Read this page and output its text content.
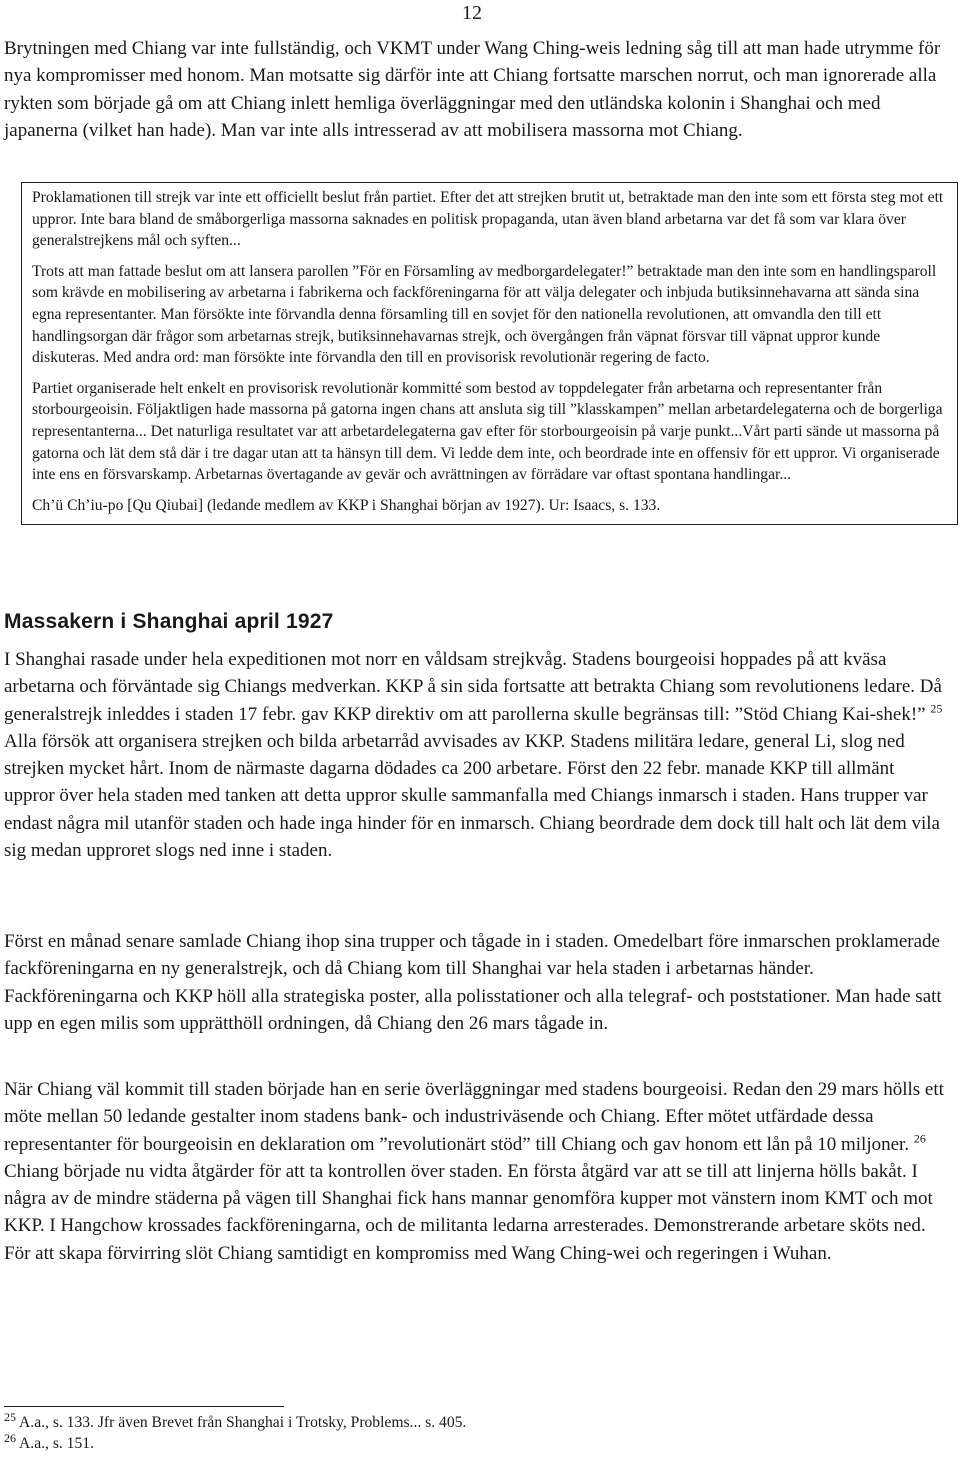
12

Brytningen med Chiang var inte fullständig, och VKMT under Wang Ching-weis ledning såg till att man hade utrymme för nya kompromisser med honom. Man motsatte sig därför inte att Chiang fortsatte marschen norrut, och man ignorerade alla rykten som började gå om att Chiang inlett hemliga överläggningar med den utländska kolonin i Shanghai och med japanerna (vilket han hade). Man var inte alls intresserad av att mobilisera massorna mot Chiang.

Proklamationen till strejk var inte ett officiellt beslut från partiet. Efter det att strejken brutit ut, betraktade man den inte som ett första steg mot ett uppror. Inte bara bland de småborgerliga massorna saknades en politisk propaganda, utan även bland arbetarna var det få som var klara över generalstrejkens mål och syften...

Trots att man fattade beslut om att lansera parollen ”För en Församling av medborgardelegater!” betraktade man den inte som en handlingsparoll som krävde en mobilisering av arbetarna i fabrikerna och fackföreningarna för att välja delegater och inbjuda butiksinnehavarna att sända sina egna representanter. Man försökte inte förvandla denna församling till en sovjet för den nationella revolutionen, att omvandla den till ett handlingsorgan där frågor som arbetarnas strejk, butiksinnehavarnas strejk, och övergången från väpnat försvar till väpnat uppror kunde diskuteras. Med andra ord: man försökte inte förvandla den till en provisorisk revolutionär regering de facto.

Partiet organiserade helt enkelt en provisorisk revolutionär kommitté som bestod av toppdelegater från arbetarna och representanter från storbourgeoisin. Följaktligen hade massorna på gatorna ingen chans att ansluta sig till ”klasskampen” mellan arbetardelegaterna och de borgerliga representanterna... Det naturliga resultatet var att arbetardelegaterna gav efter för storbourgeoisin på varje punkt...Vårt parti sände ut massorna på gatorna och lät dem stå där i tre dagar utan att ta hänsyn till dem. Vi ledde dem inte, och beordrade inte en offensiv för ett uppror. Vi organiserade inte ens en försvarskamp. Arbetarnas övertagande av gevär och avrättningen av förrädare var oftast spontana handlingar...

Ch’ü Ch’iu-po [Qu Qiubai] (ledande medlem av KKP i Shanghai början av 1927). Ur: Isaacs, s. 133.

Massakern i Shanghai april 1927

I Shanghai rasade under hela expeditionen mot norr en våldsam strejkvåg. Stadens bourgeoisi hoppades på att kväsa arbetarna och förväntade sig Chiangs medverkan. KKP å sin sida fortsatte att betrakta Chiang som revolutionens ledare. Då generalstrejk inleddes i staden 17 febr. gav KKP direktiv om att parollerna skulle begränsas till: ”Stöd Chiang Kai-shek!” $^{25}$ Alla försök att organisera strejken och bilda arbetarråd avvisades av KKP. Stadens militära ledare, general Li, slog ned strejken mycket hårt. Inom de närmaste dagarna dödades ca 200 arbetare. Först den 22 febr. manade KKP till allmänt uppror över hela staden med tanken att detta uppror skulle sammanfalla med Chiangs inmarsch i staden. Hans trupper var endast några mil utanför staden och hade inga hinder för en inmarsch. Chiang beordrade dem dock till halt och lät dem vila sig medan upproret slogs ned inne i staden.

Först en månad senare samlade Chiang ihop sina trupper och tågade in i staden. Omedelbart före inmarschen proklamerade fackföreningarna en ny generalstrejk, och då Chiang kom till Shanghai var hela staden i arbetarnas händer. Fackföreningarna och KKP höll alla strategiska poster, alla polisstationer och alla telegraf- och poststationer. Man hade satt upp en egen milis som upprätthöll ordningen, då Chiang den 26 mars tågade in.

När Chiang väl kommit till staden började han en serie överläggningar med stadens bourgeoisi. Redan den 29 mars hölls ett möte mellan 50 ledande gestalter inom stadens bank- och industriväsende och Chiang. Efter mötet utfärdade dessa representanter för bourgeoisin en deklaration om ”revolutionärt stöd” till Chiang och gav honom ett lån på 10 miljoner. $^{26}$ Chiang började nu vidta åtgärder för att ta kontrollen över staden. En första åtgärd var att se till att linjerna hölls bakåt. I några av de mindre städerna på vägen till Shanghai fick hans mannar genomföra kupper mot vänstern inom KMT och mot KKP. I Hangchow krossades fackföreningarna, och de militanta ledarna arresterades. Demonstrerande arbetare sköts ned. För att skapa förvirring slöt Chiang samtidigt en kompromiss med Wang Ching-wei och regeringen i Wuhan.

$^{25}$ A.a., s. 133. Jfr även Brevet från Shanghai i Trotsky, Problems... s. 405.
$^{26}$ A.a., s. 151.
